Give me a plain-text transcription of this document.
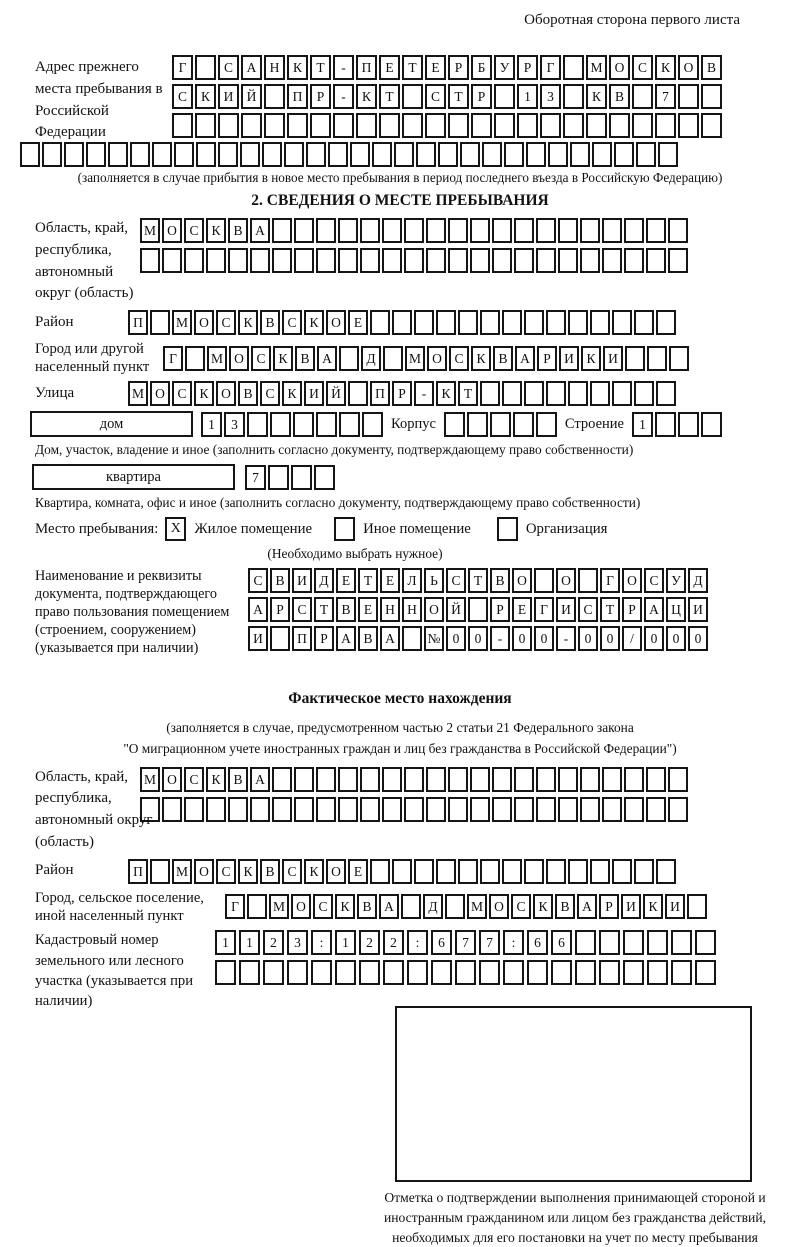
Оборотная сторона первого листа
Адрес прежнего места пребывания в Российской Федерации
Г	С	А Н	К	Т	-	П	Е	Т	Е	Р	Б	У	Р	Г	М О	С	К	О	В
С	К	И Й	П	Р	-	К	Т	С	Т	Р	1	3	К	В	7
(заполняется в случае прибытия в новое место пребывания в период последнего въезда в Российскую Федерацию)
2. СВЕДЕНИЯ О МЕСТЕ ПРЕБЫВАНИЯ
Область, край, республика, автономный округ (область)
М О С К В А
Район	П	М О С К В С К О Е
Город или другой населенный пункт
Г	М О С К В А	Д	М О С К В А Р И К И
Улица	М О С К О В С К И Й	П Р	-	К Т
дом	1	3	Корпус	Строение	1
Дом, участок, владение и иное (заполнить согласно документу, подтверждающему право собственности)
квартира	7
Квартира, комната, офис и иное (заполнить согласно документу, подтверждающему право собственности)
Место пребывания: X Жилое помещение	Иное помещение	Организация
(Необходимо выбрать нужное)
Наименование и реквизиты документа, подтверждающего право пользования помещением (строением, сооружением) (указывается при наличии)
С В И Д Е	Т	Е Л	Ь	С Т В О	О	Г О С У Д
А Р	С Т В Е Н Н О Й	Р	Е	Г И С Т	Р А Ц И
И	П Р А В А	№ 0	0	-	0	0	-	0	0	/	0	0	0
Фактическое место нахождения
(заполняется в случае, предусмотренном частью 2 статьи 21 Федерального закона
"О миграционном учете иностранных граждан и лиц без гражданства в Российской Федерации")
Область, край, республика, автономный округ (область)
М О С К В А
Район	П	М О С К В С К О Е
Город, сельское поселение, иной населенный пункт
Г	М О С К В А	Д	М О С К В А Р И К И
Кадастровый номер земельного или лесного участка (указывается при наличии)
1	1	2	3	:	1	2	2	:	6	7	7	:	6	6
Отметка о подтверждении выполнения принимающей стороной и иностранным гражданином или лицом без гражданства действий, необходимых для его постановки на учет по месту пребывания
